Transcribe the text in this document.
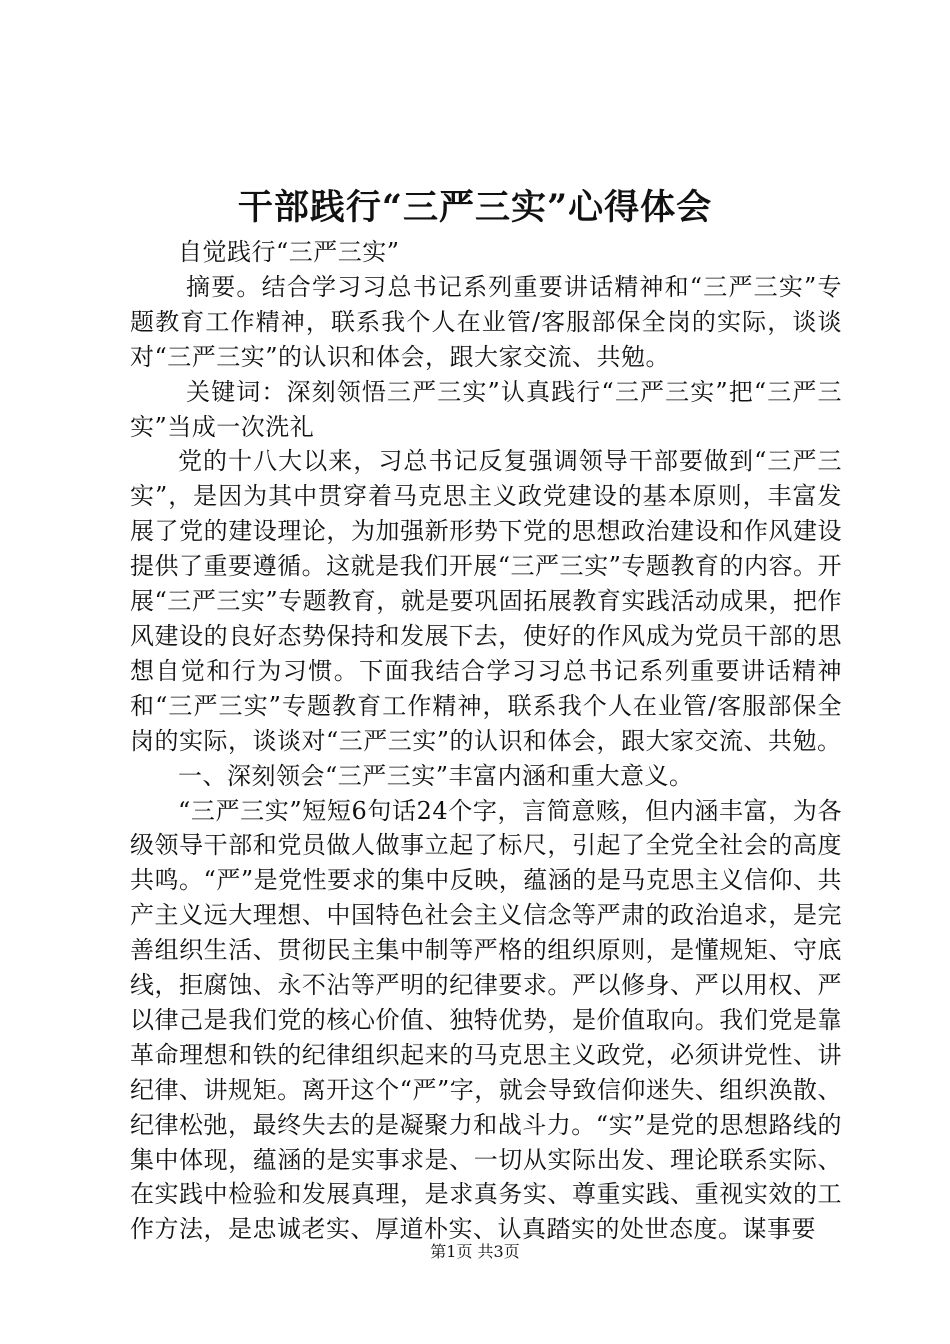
干部践行“三严三实”心得体会

自觉践行“三严三实”

摘要。结合学习习总书记系列重要讲话精神和“三严三实”专题教育工作精神，联系我个人在业管/客服部保全岗的实际，谈谈对“三严三实”的认识和体会，跟大家交流、共勉。

关键词：深刻领悟三严三实”认真践行“三严三实”把“三严三实”当成一次洗礼

党的十八大以来，习总书记反复强调领导干部要做到“三严三实”，是因为其中贯穿着马克思主义政党建设的基本原则，丰富发展了党的建设理论，为加强新形势下党的思想政治建设和作风建设提供了重要遵循。这就是我们开展“三严三实”专题教育的内容。开展“三严三实”专题教育，就是要巩固拓展教育实践活动成果，把作风建设的良好态势保持和发展下去，使好的作风成为党员干部的思想自觉和行为习惯。下面我结合学习习总书记系列重要讲话精神和“三严三实”专题教育工作精神，联系我个人在业管/客服部保全岗的实际，谈谈对“三严三实”的认识和体会，跟大家交流、共勉。

一、深刻领会“三严三实”丰富内涵和重大意义。

“三严三实”短短6句话24个字，言简意赅，但内涵丰富，为各级领导干部和党员做人做事立起了标尺，引起了全党全社会的高度共鸣。“严”是党性要求的集中反映，蕴涵的是马克思主义信仰、共产主义远大理想、中国特色社会主义信念等严肃的政治追求，是完善组织生活、贯彻民主集中制等严格的组织原则，是懂规矩、守底线，拒腐蚀、永不沾等严明的纪律要求。严以修身、严以用权、严以律己是我们党的核心价值、独特优势，是价值取向。我们党是靠革命理想和铁的纪律组织起来的马克思主义政党，必须讲党性、讲纪律、讲规矩。离开这个“严”字，就会导致信仰迷失、组织涣散、纪律松弛，最终失去的是凝聚力和战斗力。“实”是党的思想路线的集中体现，蕴涵的是实事求是、一切从实际出发、理论联系实际、在实践中检验和发展真理，是求真务实、尊重实践、重视实效的工作方法，是忠诚老实、厚道朴实、认真踏实的处世态度。谋事要

第1页 共3页
